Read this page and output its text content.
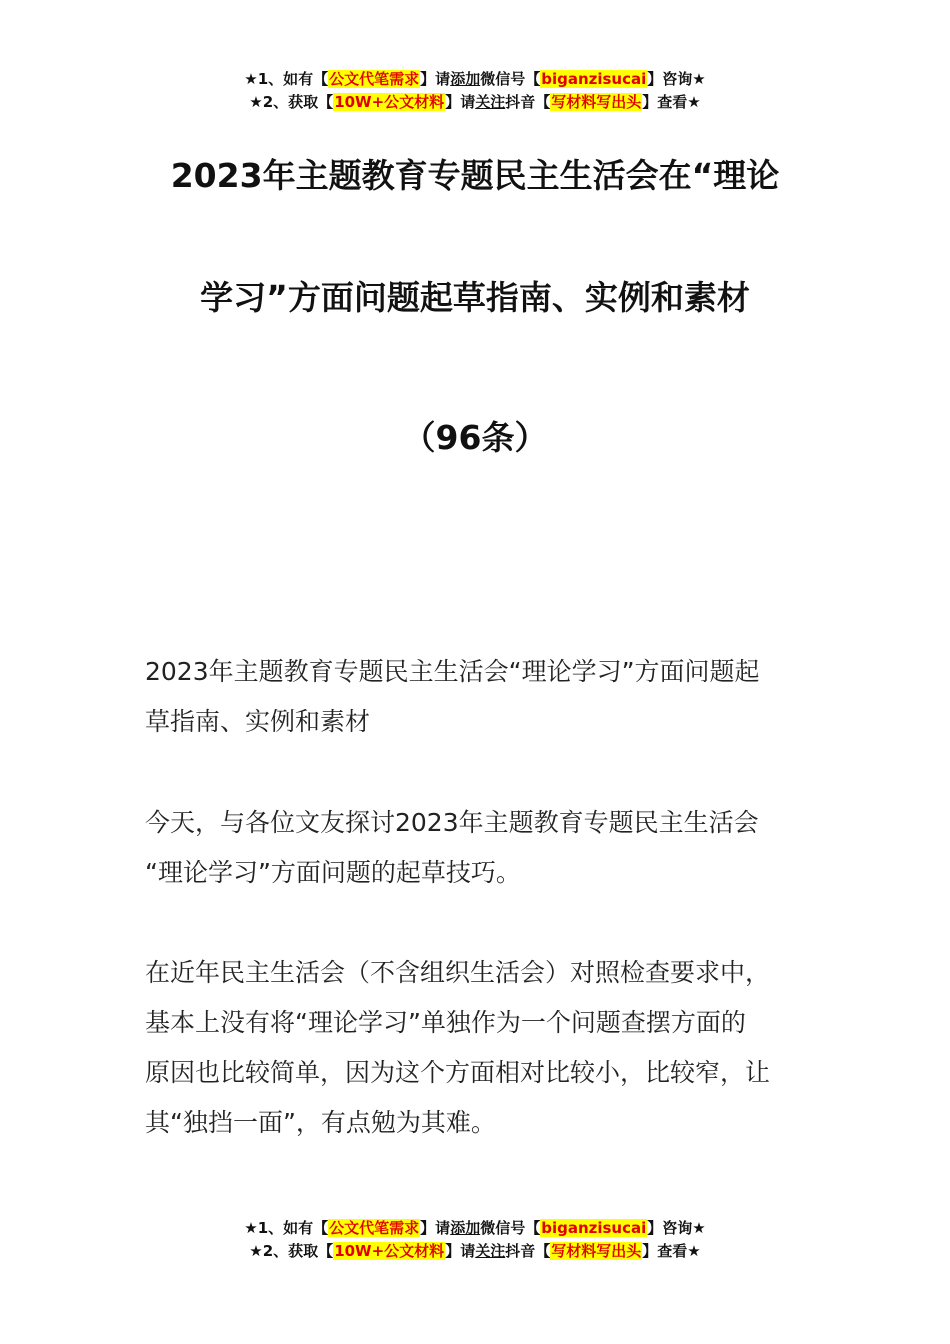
★1、如有【公文代笔需求】请添加微信号【biganzisucai】咨询★
★2、获取【10W+公文材料】请关注抖音【写材料写出头】查看★
2023年主题教育专题民主生活会在“理论
学习”方面问题起草指南、实例和素材
（96条）
2023年主题教育专题民主生活会“理论学习”方面问题起
草指南、实例和素材
今天，与各位文友探讨2023年主题教育专题民主生活会
“理论学习”方面问题的起草技巧。
在近年民主生活会（不含组织生活会）对照检查要求中，
基本上没有将“理论学习”单独作为一个问题查摆方面的
原因也比较简单，因为这个方面相对比较小，比较窄，让
其“独挡一面”，有点勉为其难。
★1、如有【公文代笔需求】请添加微信号【biganzisucai】咨询★
★2、获取【10W+公文材料】请关注抖音【写材料写出头】查看★
